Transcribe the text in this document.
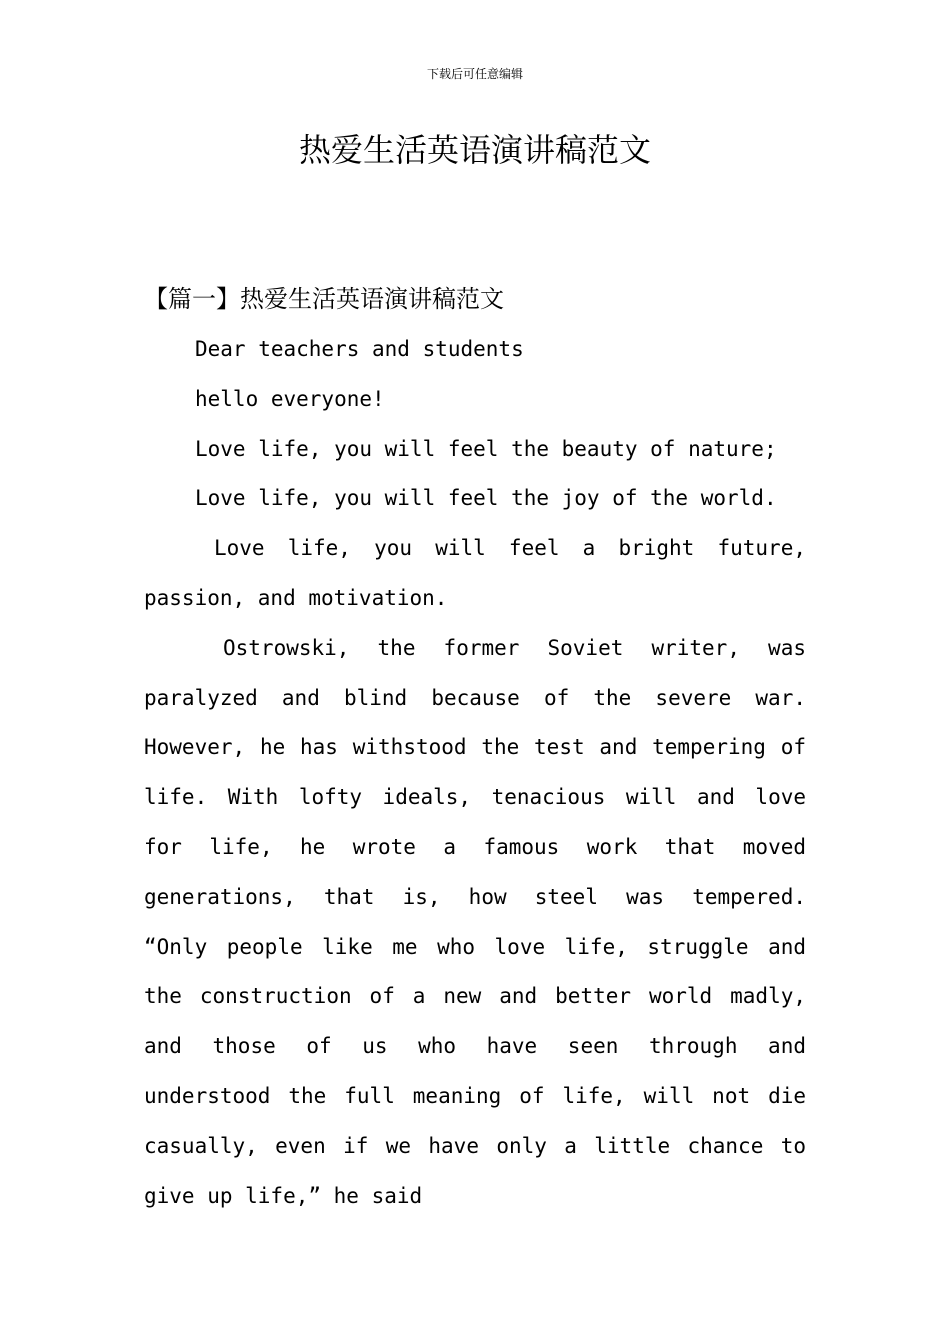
下载后可任意编辑
热爱生活英语演讲稿范文
【篇一】热爱生活英语演讲稿范文
Dear teachers and students
hello everyone!
Love life, you will feel the beauty of nature;
Love life, you will feel the joy of the world.
Love life, you will feel a bright future,
passion, and motivation.
Ostrowski, the former Soviet writer, was
paralyzed and blind because of the severe war.
However, he has withstood the test and tempering of
life. With lofty ideals, tenacious will and love
for life, he wrote a famous work that moved
generations, that is, how steel was tempered.
“Only people like me who love life, struggle and
the construction of a new and better world madly,
and those of us who have seen through and
understood the full meaning of life, will not die
casually, even if we have only a little chance to
give up life,” he said
